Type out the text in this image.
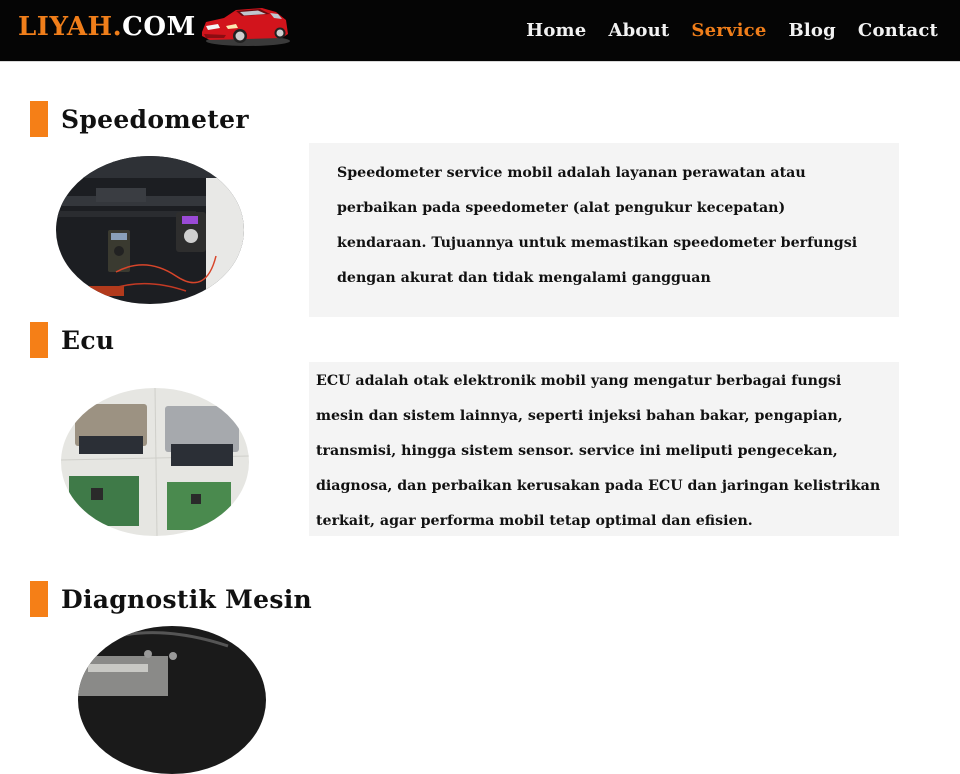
LIYAH.COM	Home About Service Blog Contact
Speedometer

Speedometer service mobil adalah layanan perawatan atau perbaikan pada speedometer (alat pengukur kecepatan) kendaraan. Tujuannya untuk memastikan speedometer berfungsi dengan akurat dan tidak mengalami gangguan

Ecu

ECU adalah otak elektronik mobil yang mengatur berbagai fungsi mesin dan sistem lainnya, seperti injeksi bahan bakar, pengapian, transmisi, hingga sistem sensor. service ini meliputi pengecekan, diagnosa, dan perbaikan kerusakan pada ECU dan jaringan kelistrikan terkait, agar performa mobil tetap optimal dan efisien.

Diagnostik Mesin
